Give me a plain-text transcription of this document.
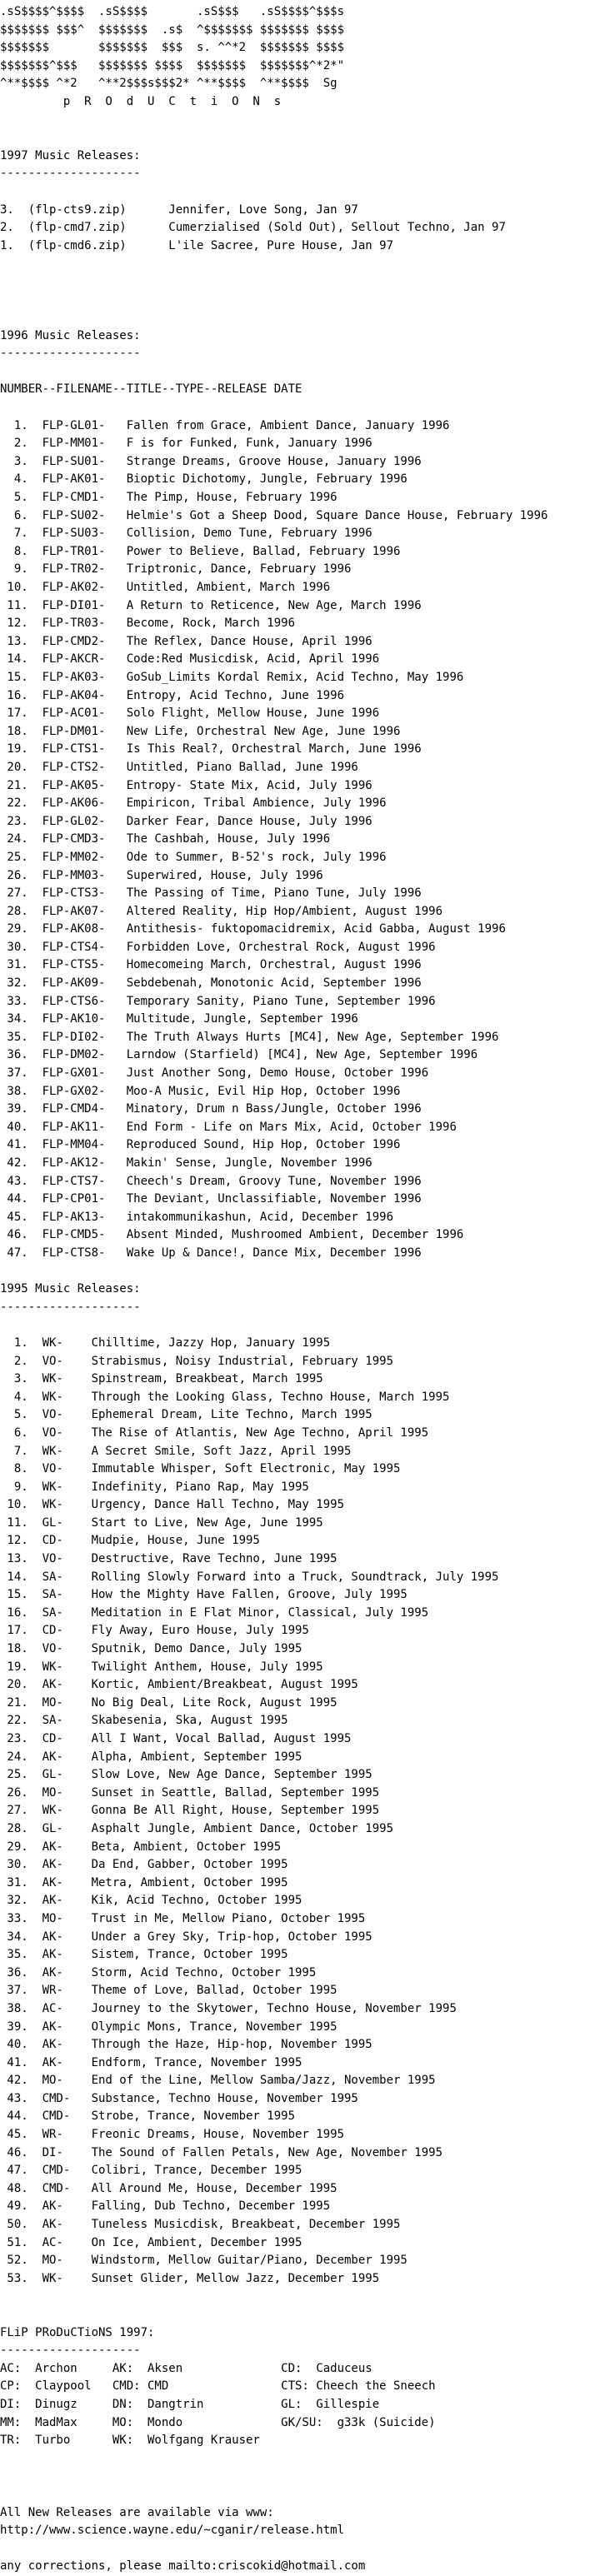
.sS$$$$^$$$$  .sS$$$$       .sS$$$   .sS$$$$^$$$s
$$$$$$$ $$$^  $$$$$$$  .s$  ^$$$$$$$ $$$$$$$ $$$$
$$$$$$$       $$$$$$$  $$$  s. ^^*2  $$$$$$$ $$$$
$$$$$$$^$$$   $$$$$$$ $$$$  $$$$$$$  $$$$$$$^*2*"
^**$$$$ ^*2   ^**2$$$s$$$2* ^**$$$$  ^**$$$$  Sg
p  R  O  d  U  C  t  i  O  N  s

1997 Music Releases:
--------------------

3.  (flp-cts9.zip)      Jennifer, Love Song, Jan 97
2.  (flp-cmd7.zip)      Cumerzialised (Sold Out), Sellout Techno, Jan 97
1.  (flp-cmd6.zip)      L'ile Sacree, Pure House, Jan 97

1996 Music Releases:
--------------------

NUMBER--FILENAME--TITLE--TYPE--RELEASE DATE

1.  FLP-GL01-   Fallen from Grace, Ambient Dance, January 1996
2.  FLP-MM01-   F is for Funked, Funk, January 1996
3.  FLP-SU01-   Strange Dreams, Groove House, January 1996
4.  FLP-AK01-   Bioptic Dichotomy, Jungle, February 1996
5.  FLP-CMD1-   The Pimp, House, February 1996
6.  FLP-SU02-   Helmie's Got a Sheep Dood, Square Dance House, February 1996
7.  FLP-SU03-   Collision, Demo Tune, February 1996
8.  FLP-TR01-   Power to Believe, Ballad, February 1996
9.  FLP-TR02-   Triptronic, Dance, February 1996
10.  FLP-AK02-   Untitled, Ambient, March 1996
11.  FLP-DI01-   A Return to Reticence, New Age, March 1996
12.  FLP-TR03-   Become, Rock, March 1996
13.  FLP-CMD2-   The Reflex, Dance House, April 1996
14.  FLP-AKCR-   Code:Red Musicdisk, Acid, April 1996
15.  FLP-AK03-   GoSub_Limits Kordal Remix, Acid Techno, May 1996
16.  FLP-AK04-   Entropy, Acid Techno, June 1996
17.  FLP-AC01-   Solo Flight, Mellow House, June 1996
18.  FLP-DM01-   New Life, Orchestral New Age, June 1996
19.  FLP-CTS1-   Is This Real?, Orchestral March, June 1996
20.  FLP-CTS2-   Untitled, Piano Ballad, June 1996
21.  FLP-AK05-   Entropy- State Mix, Acid, July 1996
22.  FLP-AK06-   Empiricon, Tribal Ambience, July 1996
23.  FLP-GL02-   Darker Fear, Dance House, July 1996
24.  FLP-CMD3-   The Cashbah, House, July 1996
25.  FLP-MM02-   Ode to Summer, B-52's rock, July 1996
26.  FLP-MM03-   Superwired, House, July 1996
27.  FLP-CTS3-   The Passing of Time, Piano Tune, July 1996
28.  FLP-AK07-   Altered Reality, Hip Hop/Ambient, August 1996
29.  FLP-AK08-   Antithesis- fuktopomacidremix, Acid Gabba, August 1996
30.  FLP-CTS4-   Forbidden Love, Orchestral Rock, August 1996
31.  FLP-CTS5-   Homecomeing March, Orchestral, August 1996
32.  FLP-AK09-   Sebdebenah, Monotonic Acid, September 1996
33.  FLP-CTS6-   Temporary Sanity, Piano Tune, September 1996
34.  FLP-AK10-   Multitude, Jungle, September 1996
35.  FLP-DI02-   The Truth Always Hurts [MC4], New Age, September 1996
36.  FLP-DM02-   Larndow (Starfield) [MC4], New Age, September 1996
37.  FLP-GX01-   Just Another Song, Demo House, October 1996
38.  FLP-GX02-   Moo-A Music, Evil Hip Hop, October 1996
39.  FLP-CMD4-   Minatory, Drum n Bass/Jungle, October 1996
40.  FLP-AK11-   End Form - Life on Mars Mix, Acid, October 1996
41.  FLP-MM04-   Reproduced Sound, Hip Hop, October 1996
42.  FLP-AK12-   Makin' Sense, Jungle, November 1996
43.  FLP-CTS7-   Cheech's Dream, Groovy Tune, November 1996
44.  FLP-CP01-   The Deviant, Unclassifiable, November 1996
45.  FLP-AK13-   intakommunikashun, Acid, December 1996
46.  FLP-CMD5-   Absent Minded, Mushroomed Ambient, December 1996
47.  FLP-CTS8-   Wake Up & Dance!, Dance Mix, December 1996

1995 Music Releases:
--------------------

1.  WK-    Chilltime, Jazzy Hop, January 1995
2.  VO-    Strabismus, Noisy Industrial, February 1995
3.  WK-    Spinstream, Breakbeat, March 1995
4.  WK-    Through the Looking Glass, Techno House, March 1995
5.  VO-    Ephemeral Dream, Lite Techno, March 1995
6.  VO-    The Rise of Atlantis, New Age Techno, April 1995
7.  WK-    A Secret Smile, Soft Jazz, April 1995
8.  VO-    Immutable Whisper, Soft Electronic, May 1995
9.  WK-    Indefinity, Piano Rap, May 1995
10.  WK-    Urgency, Dance Hall Techno, May 1995
11.  GL-    Start to Live, New Age, June 1995
12.  CD-    Mudpie, House, June 1995
13.  VO-    Destructive, Rave Techno, June 1995
14.  SA-    Rolling Slowly Forward into a Truck, Soundtrack, July 1995
15.  SA-    How the Mighty Have Fallen, Groove, July 1995
16.  SA-    Meditation in E Flat Minor, Classical, July 1995
17.  CD-    Fly Away, Euro House, July 1995
18.  VO-    Sputnik, Demo Dance, July 1995
19.  WK-    Twilight Anthem, House, July 1995
20.  AK-    Kortic, Ambient/Breakbeat, August 1995
21.  MO-    No Big Deal, Lite Rock, August 1995
22.  SA-    Skabesenia, Ska, August 1995
23.  CD-    All I Want, Vocal Ballad, August 1995
24.  AK-    Alpha, Ambient, September 1995
25.  GL-    Slow Love, New Age Dance, September 1995
26.  MO-    Sunset in Seattle, Ballad, September 1995
27.  WK-    Gonna Be All Right, House, September 1995
28.  GL-    Asphalt Jungle, Ambient Dance, October 1995
29.  AK-    Beta, Ambient, October 1995
30.  AK-    Da End, Gabber, October 1995
31.  AK-    Metra, Ambient, October 1995
32.  AK-    Kik, Acid Techno, October 1995
33.  MO-    Trust in Me, Mellow Piano, October 1995
34.  AK-    Under a Grey Sky, Trip-hop, October 1995
35.  AK-    Sistem, Trance, October 1995
36.  AK-    Storm, Acid Techno, October 1995
37.  WR-    Theme of Love, Ballad, October 1995
38.  AC-    Journey to the Skytower, Techno House, November 1995
39.  AK-    Olympic Mons, Trance, November 1995
40.  AK-    Through the Haze, Hip-hop, November 1995
41.  AK-    Endform, Trance, November 1995
42.  MO-    End of the Line, Mellow Samba/Jazz, November 1995
43.  CMD-   Substance, Techno House, November 1995
44.  CMD-   Strobe, Trance, November 1995
45.  WR-    Freonic Dreams, House, November 1995
46.  DI-    The Sound of Fallen Petals, New Age, November 1995
47.  CMD-   Colibri, Trance, December 1995
48.  CMD-   All Around Me, House, December 1995
49.  AK-    Falling, Dub Techno, December 1995
50.  AK-    Tuneless Musicdisk, Breakbeat, December 1995
51.  AC-    On Ice, Ambient, December 1995
52.  MO-    Windstorm, Mellow Guitar/Piano, December 1995
53.  WK-    Sunset Glider, Mellow Jazz, December 1995

FLiP PRoDuCTioNS 1997:
--------------------
AC:  Archon     AK:  Aksen              CD:  Caduceus
CP:  Claypool   CMD: CMD                CTS: Cheech the Sneech
DI:  Dinugz     DN:  Dangtrin           GL:  Gillespie
MM:  MadMax     MO:  Mondo              GK/SU:  g33k (Suicide)
TR:  Turbo      WK:  Wolfgang Krauser

All New Releases are available via www:
http://www.science.wayne.edu/~cganir/release.html

any corrections, please mailto:criscokid@hotmail.com
